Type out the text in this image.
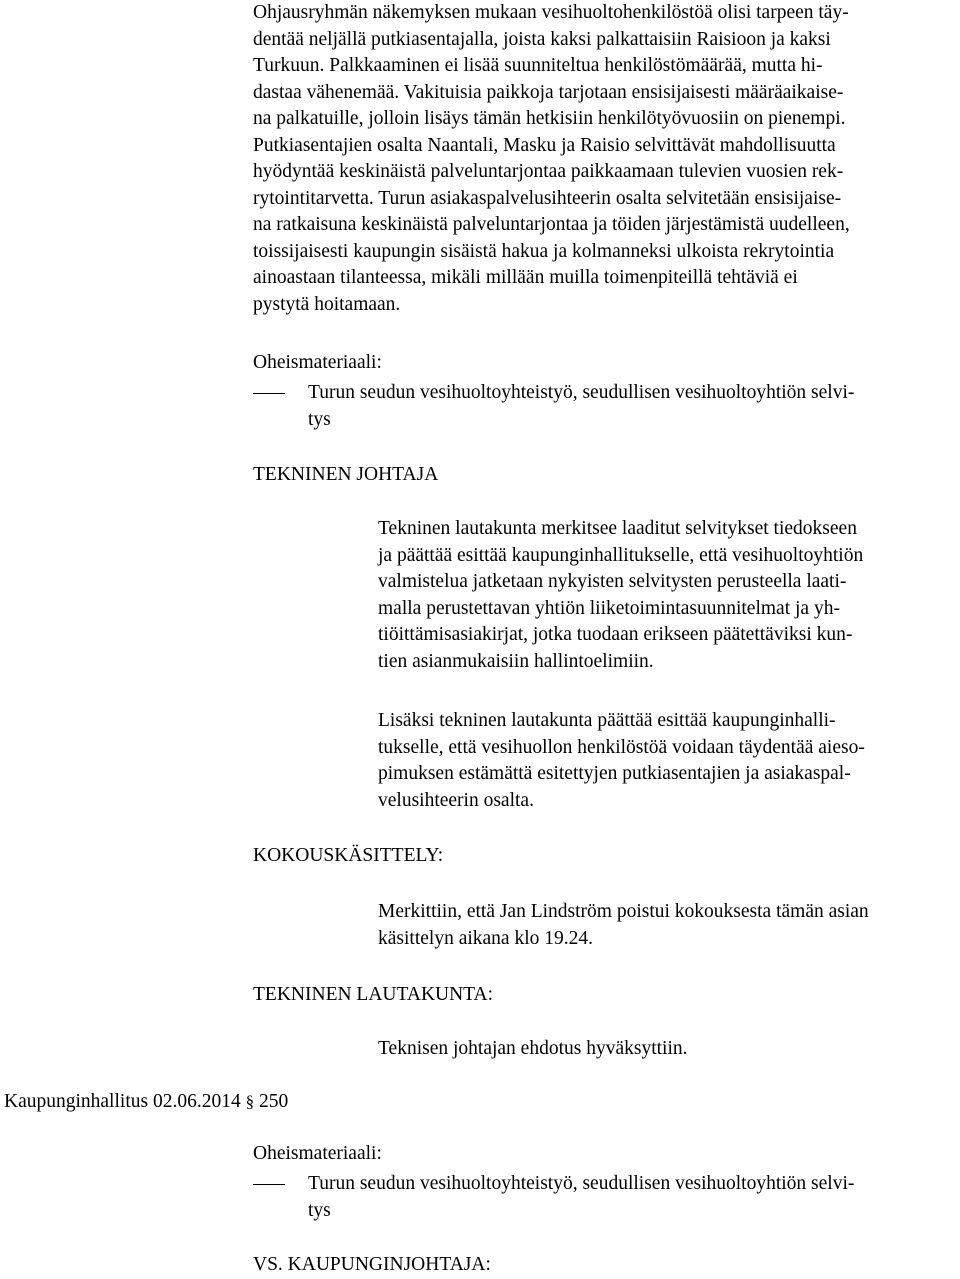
Ohjausryhmän näkemyksen mukaan vesihuoltohenkilöstöä olisi tarpeen täy-
dentää neljällä putkiasentajalla, joista kaksi palkattaisiin Raisioon ja kaksi
Turkuun. Palkkaaminen ei lisää suunniteltua henkilöstömäärää, mutta hi-
dastaa vähenemää. Vakituisia paikkoja tarjotaan ensisijaisesti määräaikaise-
na palkatuille, jolloin lisäys tämän hetkisiin henkilötyövuosiin on pienempi.
Putkiasentajien osalta Naantali, Masku ja Raisio selvittävät mahdollisuutta
hyödyntää keskinäistä palveluntarjontaa paikkaamaan tulevien vuosien rek-
rytointitarvetta. Turun asiakaspalvelusihteerin osalta selvitetään ensisijaise-
na ratkaisuna keskinäistä palveluntarjontaa ja töiden järjestämistä uudelleen,
toissijaisesti kaupungin sisäistä hakua ja kolmanneksi ulkoista rekrytointia
ainoastaan tilanteessa, mikäli millään muilla toimenpiteillä tehtäviä ei
pystytä hoitamaan.
Oheismateriaali:
Turun seudun vesihuoltoyhteistyö, seudullisen vesihuoltoyhtiön selvi-
tys
TEKNINEN JOHTAJA
Tekninen lautakunta merkitsee laaditut selvitykset tiedokseen
ja päättää esittää kaupunginhallitukselle, että vesihuoltoyhtiön
valmistelua jatketaan nykyisten selvitysten perusteella laati-
malla perustettavan yhtiön liiketoimintasuunnitelmat ja yh-
tiöittämisasiakirjat, jotka tuodaan erikseen päätettäviksi kun-
tien asianmukaisiin hallintoelimiin.
Lisäksi tekninen lautakunta päättää esittää kaupunginhalli-
tukselle, että vesihuollon henkilöstöä voidaan täydentää aieso-
pimuksen estämättä esitettyjen putkiasentajien ja asiakaspal-
velusihteerin osalta.
KOKOUSKÄSITTELY:
Merkittiin, että Jan Lindström poistui kokouksesta tämän asian
käsittelyn aikana klo 19.24.
TEKNINEN LAUTAKUNTA:
Teknisen johtajan ehdotus hyväksyttiin.
Kaupunginhallitus 02.06.2014 § 250
Oheismateriaali:
Turun seudun vesihuoltoyhteistyö, seudullisen vesihuoltoyhtiön selvi-
tys
VS. KAUPUNGINJOHTAJA:
